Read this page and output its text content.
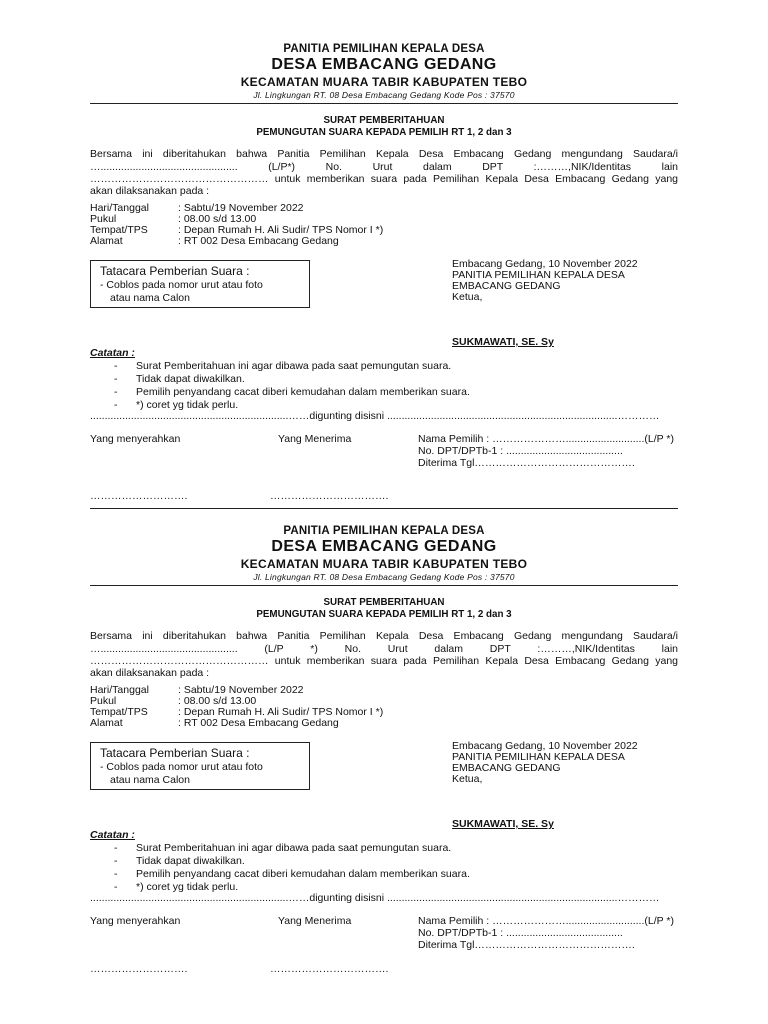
PANITIA PEMILIHAN KEPALA DESA
DESA EMBACANG GEDANG
KECAMATAN MUARA TABIR KABUPATEN TEBO
Jl. Lingkungan RT. 08 Desa Embacang Gedang Kode Pos : 37570
SURAT PEMBERITAHUAN
PEMUNGUTAN SUARA KEPADA PEMILIH RT 1, 2 dan 3
Bersama ini diberitahukan bahwa Panitia Pemilihan Kepala Desa Embacang Gedang mengundang Saudara/i
…............................................... (L/P*) No. Urut dalam DPT :………,NIK/Identitas lain
…………………………………………… untuk memberikan suara pada Pemilihan Kepala Desa Embacang Gedang yang
akan dilaksanakan pada :
Hari/Tanggal	: Sabtu/19 November 2022
Pukul	: 08.00 s/d 13.00
Tempat/TPS	: Depan Rumah H. Ali Sudir/ TPS Nomor I *)
Alamat	: RT 002 Desa Embacang Gedang
Tatacara Pemberian Suara :
- Coblos pada nomor urut atau foto
atau nama Calon
Embacang Gedang, 10 November 2022
PANITIA PEMILIHAN KEPALA DESA
EMBACANG GEDANG
Ketua,
SUKMAWATI, SE. Sy
Catatan :
- Surat Pemberitahuan ini agar dibawa pada saat pemungutan suara.
- Tidak dapat diwakilkan.
- Pemilih penyandang cacat diberi kemudahan dalam memberikan suara.
- *) coret yg tidak perlu.
....................................................................……digunting disisni ...............................................................................…………
Yang menyerahkan	Yang Menerima	Nama Pemilih : …………………...........................(L/P *)
No. DPT/DPTb-1 : ........................................
Diterima Tgl……………………………………….
……………………….	…………………………….
PANITIA PEMILIHAN KEPALA DESA
DESA EMBACANG GEDANG
KECAMATAN MUARA TABIR KABUPATEN TEBO
Jl. Lingkungan RT. 08 Desa Embacang Gedang Kode Pos : 37570
SURAT PEMBERITAHUAN
PEMUNGUTAN SUARA KEPADA PEMILIH RT 1, 2 dan 3
Bersama ini diberitahukan bahwa Panitia Pemilihan Kepala Desa Embacang Gedang mengundang Saudara/i
…............................................... (L/P *) No. Urut dalam DPT :………,NIK/Identitas lain
…………………………………………… untuk memberikan suara pada Pemilihan Kepala Desa Embacang Gedang yang
akan dilaksanakan pada :
Hari/Tanggal	: Sabtu/19 November 2022
Pukul	: 08.00 s/d 13.00
Tempat/TPS	: Depan Rumah H. Ali Sudir/ TPS Nomor I *)
Alamat	: RT 002 Desa Embacang Gedang
Tatacara Pemberian Suara :
- Coblos pada nomor urut atau foto
atau nama Calon
Embacang Gedang, 10 November 2022
PANITIA PEMILIHAN KEPALA DESA
EMBACANG GEDANG
Ketua,
SUKMAWATI, SE. Sy
Catatan :
- Surat Pemberitahuan ini agar dibawa pada saat pemungutan suara.
- Tidak dapat diwakilkan.
- Pemilih penyandang cacat diberi kemudahan dalam memberikan suara.
- *) coret yg tidak perlu.
....................................................................……digunting disisni ...............................................................................…………
Yang menyerahkan	Yang Menerima	Nama Pemilih : …………………...........................(L/P *)
No. DPT/DPTb-1 : ........................................
Diterima Tgl……………………………………….
……………………….	…………………………….
